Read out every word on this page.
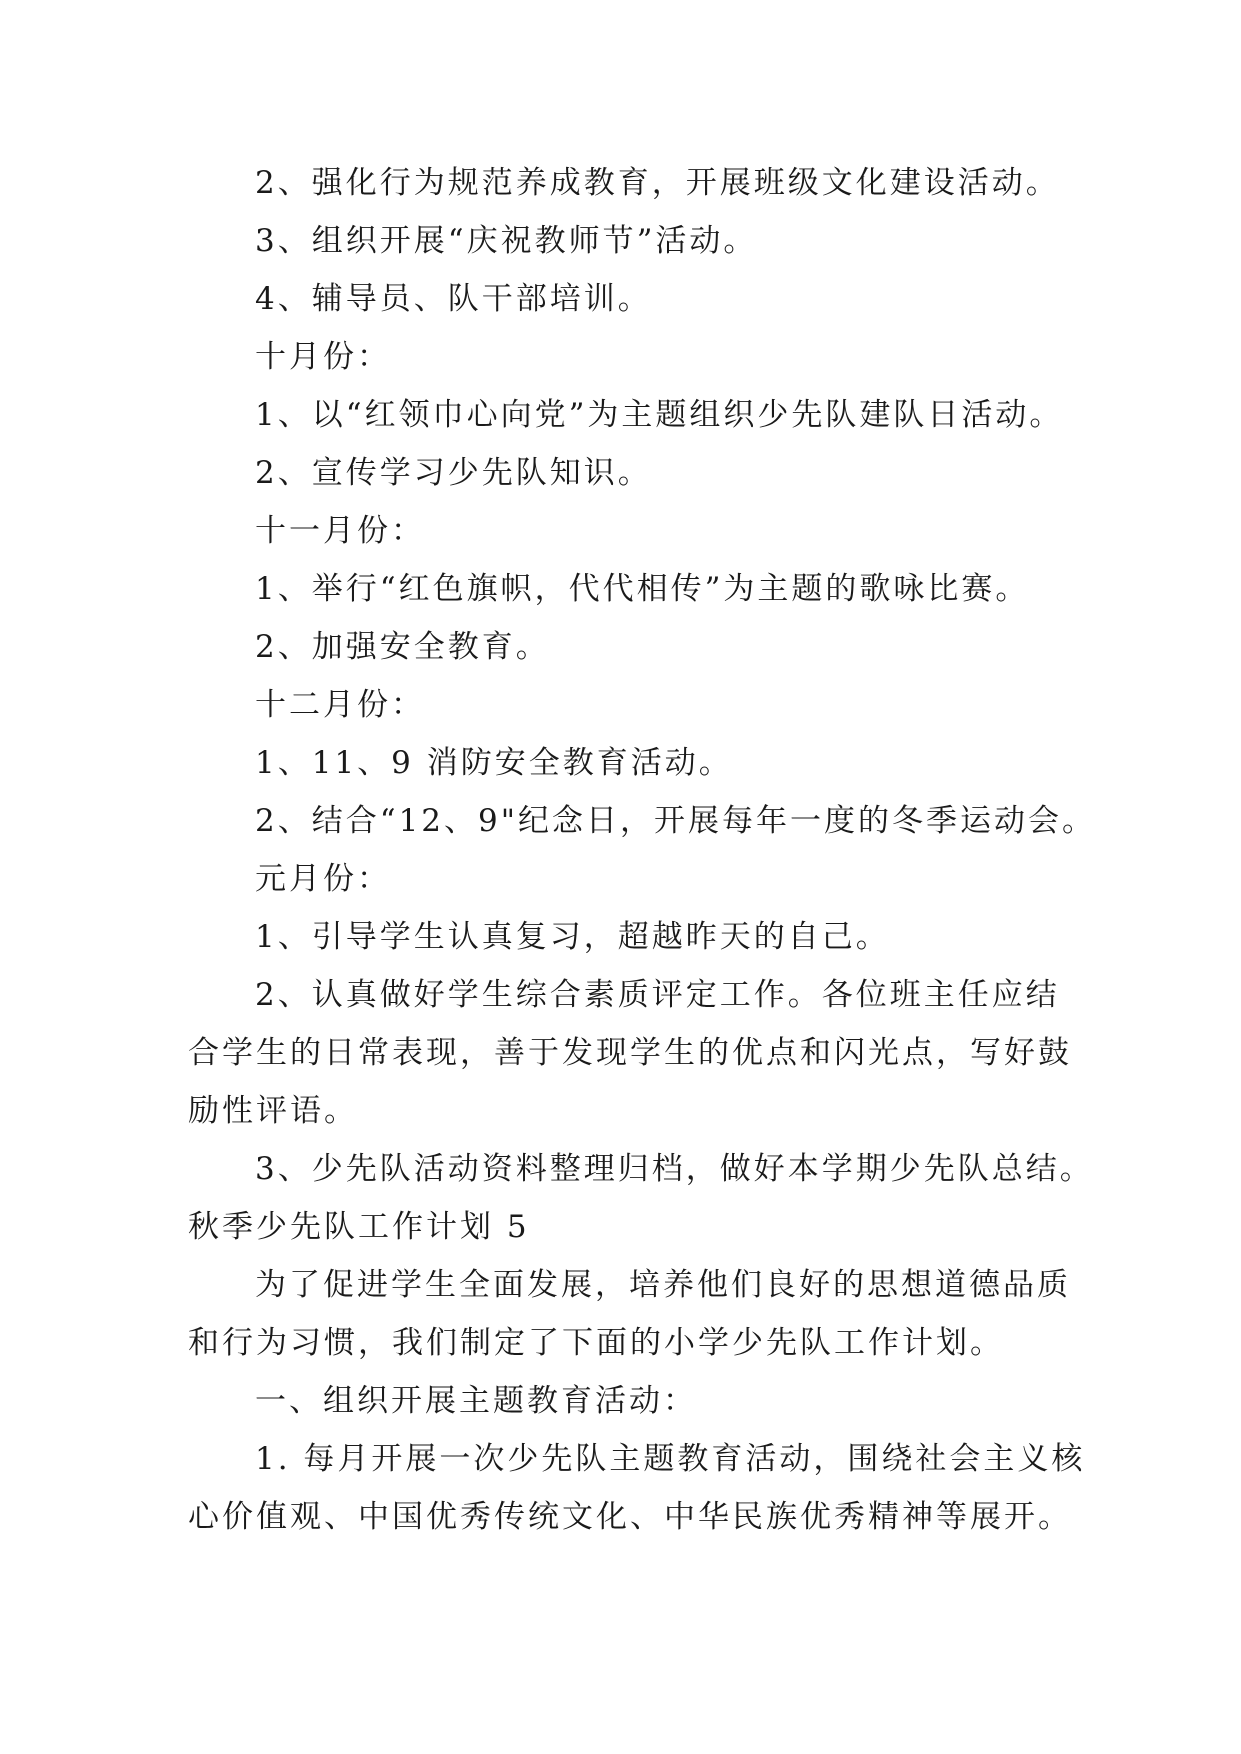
2、强化行为规范养成教育，开展班级文化建设活动。
3、组织开展“庆祝教师节”活动。
4、辅导员、队干部培训。
十月份：
1、以“红领巾心向党”为主题组织少先队建队日活动。
2、宣传学习少先队知识。
十一月份：
1、举行“红色旗帜，代代相传”为主题的歌咏比赛。
2、加强安全教育。
十二月份：
1、11、9 消防安全教育活动。
2、结合“12、9"纪念日，开展每年一度的冬季运动会。
元月份：
1、引导学生认真复习，超越昨天的自己。
2、认真做好学生综合素质评定工作。各位班主任应结
合学生的日常表现，善于发现学生的优点和闪光点，写好鼓
励性评语。
3、少先队活动资料整理归档，做好本学期少先队总结。
秋季少先队工作计划 5
为了促进学生全面发展，培养他们良好的思想道德品质
和行为习惯，我们制定了下面的小学少先队工作计划。
一、组织开展主题教育活动：
1. 每月开展一次少先队主题教育活动，围绕社会主义核
心价值观、中国优秀传统文化、中华民族优秀精神等展开。
